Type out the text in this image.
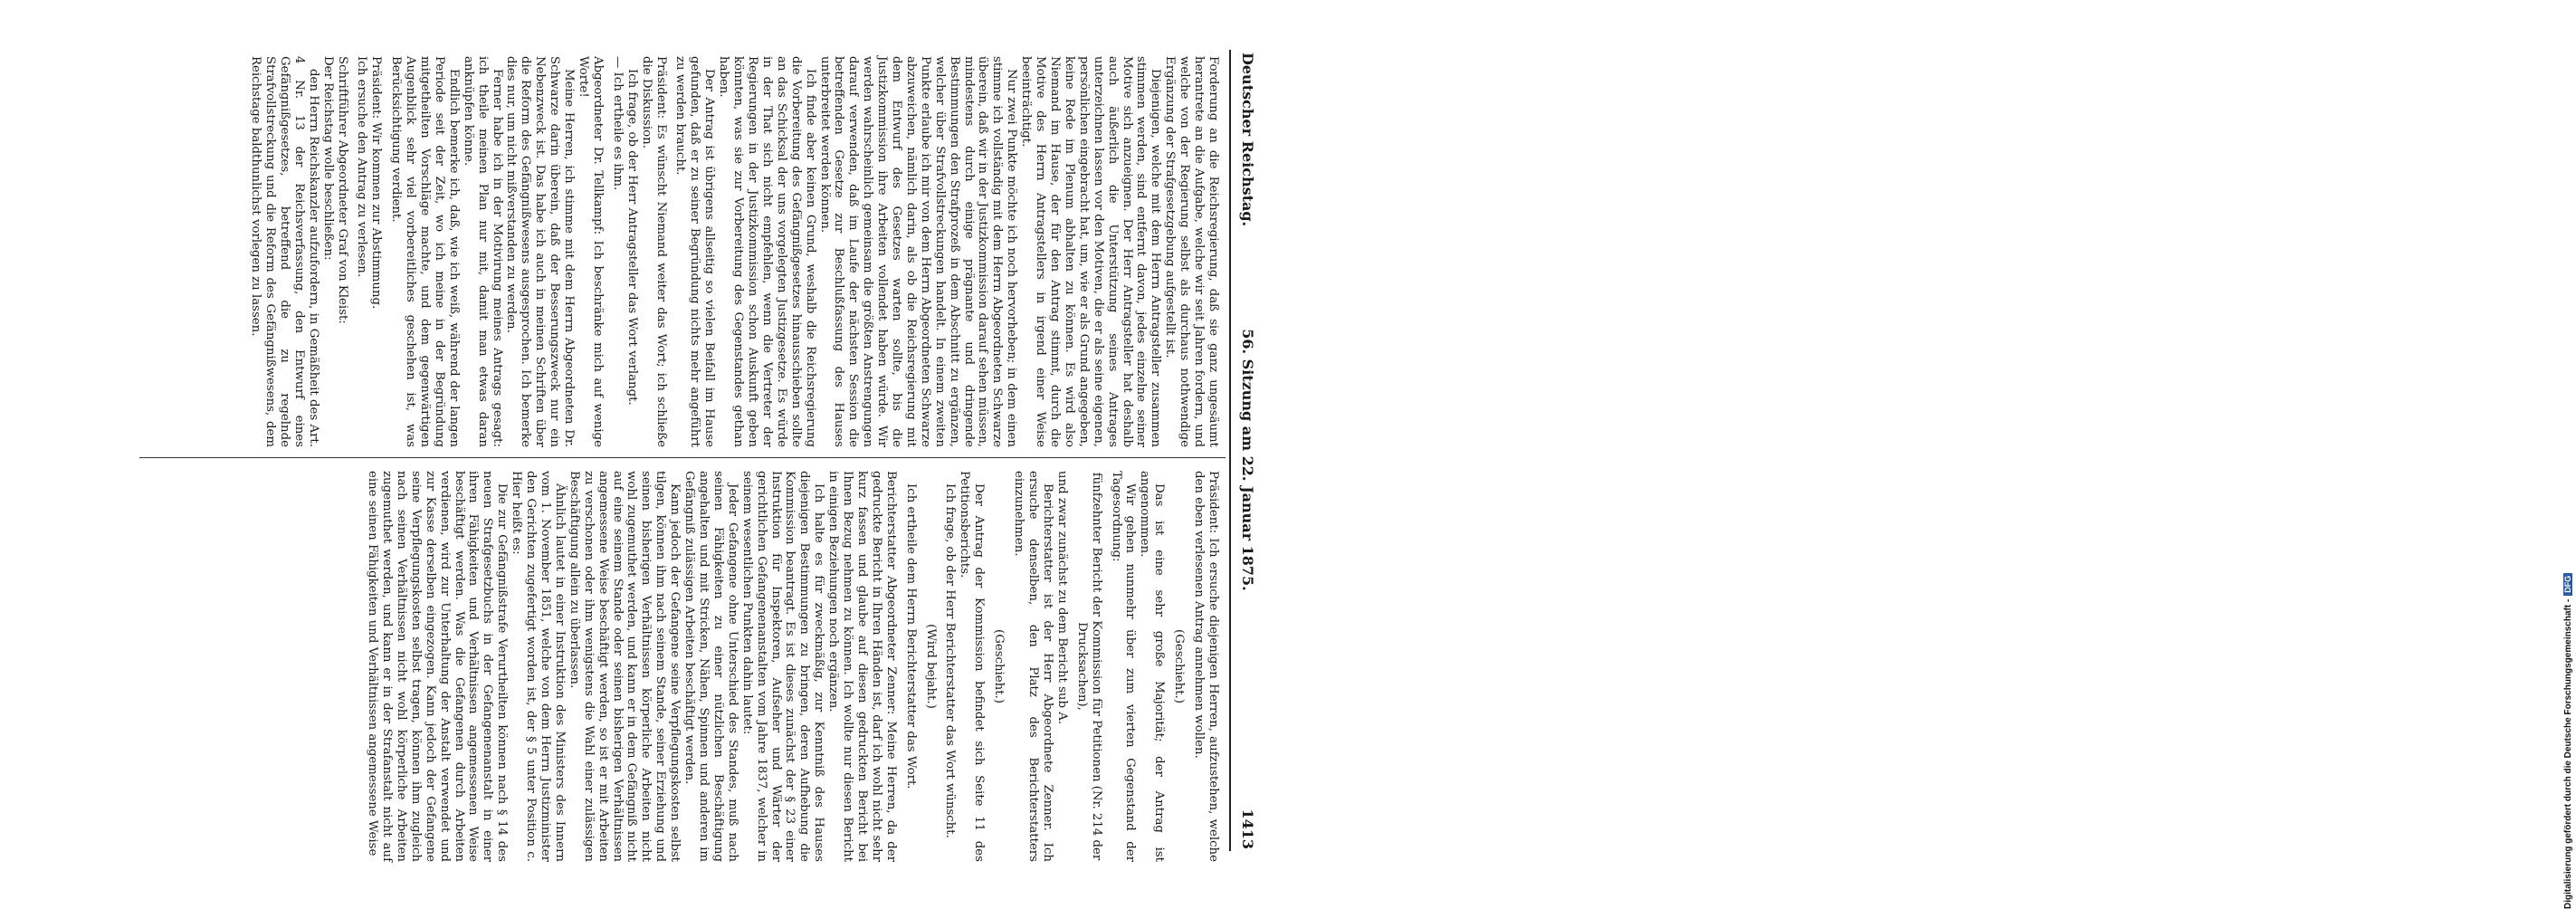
Deutscher Reichstag.
56. Sitzung am 22. Januar 1875.
1413

Forderung an die Reichsregierung, daß sie ganz ungesäumt herantrete an die Aufgabe, welche wir seit Jahren fordern, und welche von der Regierung selbst als durchaus nothwendige Ergänzung der Strafgesetzgebung aufgestellt ist.

Diejenigen, welche mit dem Herrn Antragsteller zusammen stimmen werden, sind entfernt davon, jedes einzelne seiner Motive sich anzueignen. Der Herr Antragsteller hat deshalb auch äußerlich die Unterstützung seines Antrages unterzeichnen lassen vor den Motiven, die er als seine eigenen, persönlichen eingebracht hat, um, wie er als Grund angegeben, keine Rede im Plenum abhalten zu können. Es wird also Niemand im Hause, der für den Antrag stimmt, durch die Motive des Herrn Antragstellers in irgend einer Weise beeinträchtigt.

Nur zwei Punkte möchte ich noch hervorheben; in dem einen stimme ich vollständig mit dem Herrn Abgeordneten Schwarze überein, daß wir in der Justizkommission darauf sehen müssen, mindestens durch einige prägnante und dringende Bestimmungen den Strafprozeß in dem Abschnitt zu ergänzen, welcher über Strafvollstreckungen handelt. In einem zweiten Punkte erlaube ich mir von dem Herrn Abgeordneten Schwarze abzuweichen, nämlich darin, als ob die Reichsregierung mit dem Entwurf des Gesetzes warten sollte, bis die Justizkommission ihre Arbeiten vollendet haben würde. Wir werden wahrscheinlich gemeinsam die größten Anstrengungen darauf verwenden, daß im Laufe der nächsten Session die betreffenden Gesetze zur Beschlußfassung des Hauses unterbreitet werden können.

Ich finde aber keinen Grund, weshalb die Reichsregierung die Vorbereitung des Gefängnißgesetzes hinausschieben sollte an das Schicksal der uns vorgelegten Justizgesetze. Es würde in der That sich nicht empfehlen, wenn die Vertreter der Regierungen in der Justizkommission schon Auskunft geben könnten, was sie zur Vorbereitung des Gegenstandes gethan haben.

Der Antrag ist übrigens allseitig so vielen Beifall im Hause gefunden, daß er zu seiner Begründung nichts mehr angeführt zu werden braucht.

Präsident: Es wünscht Niemand weiter das Wort; ich schließe die Diskussion.

Ich frage, ob der Herr Antragsteller das Wort verlangt.

— Ich ertheile es ihm.

Abgeordneter Dr. Tellkampf: Ich beschränke mich auf wenige Worte!

Meine Herren, ich stimme mit dem Herrn Abgeordneten Dr. Schwarze darin überein, daß der Besserungszweck nur ein Nebenzweck ist. Das habe ich auch in meinen Schriften über die Reform des Gefängnißwesens ausgesprochen. Ich bemerke dies nur, um nicht mißverstanden zu werden.

Ferner habe ich in der Motivirung meines Antrags gesagt: ich theile meinen Plan nur mit, damit man etwas daran anknüpfen könne.

Endlich bemerke ich, daß, wie ich weiß, während der langen Periode seit der Zeit, wo ich meine in der Begründung mitgetheilten Vorschläge machte, und dem gegenwärtigen Augenblick sehr viel vorbereitliches geschehen ist, was Berücksichtigung verdient.

Präsident: Wir kommen zur Abstimmung.

Ich ersuche den Antrag zu verlesen.

Schriftführer Abgeordneter Graf von Kleist:

Der Reichstag wolle beschließen:

den Herrn Reichskanzler aufzufordern, in Gemäßheit des Art. 4 Nr. 13 der Reichsverfassung, den Entwurf eines Gefängnißgesetzes, betreffend die zu regelnde Strafvollstreckung und die Reform des Gefängnißwesens, dem Reichstage baldthunlichst vorlegen zu lassen.

Präsident: Ich ersuche diejenigen Herren, aufzustehen, welche den eben verlesenen Antrag annehmen wollen.

(Geschieht.)

Das ist eine sehr große Majorität; der Antrag ist angenommen.

Wir gehen nunmehr über zum vierten Gegenstand der Tagesordnung:

fünfzehnter Bericht der Kommission für Petitionen (Nr. 214 der Drucksachen),

und zwar zunächst zu dem Bericht sub A.

Berichterstatter ist der Herr Abgeordnete Zenner. Ich ersuche denselben, den Platz des Berichterstatters einzunehmen.

(Geschieht.)

Der Antrag der Kommission befindet sich Seite 11 des Petitionsberichts.

Ich frage, ob der Herr Berichterstatter das Wort wünscht.

(Wird bejaht.)

Ich ertheile dem Herrn Berichterstatter das Wort.

Berichterstatter Abgeordneter Zenner: Meine Herren, da der gedruckte Bericht in Ihren Händen ist, darf ich wohl nicht sehr kurz fassen und glaube auf diesen gedruckten Bericht bei Ihnen Bezug nehmen zu können. Ich wollte nur diesen Bericht in einigen Beziehungen noch ergänzen.

Ich halte es für zweckmäßig, zur Kenntniß des Hauses diejenigen Bestimmungen zu bringen, deren Aufhebung die Kommission beantragt. Es ist dieses zunächst der § 23 einer Instruktion für Inspektoren, Aufseher und Wärter der gerichtlichen Gefangenenanstalten vom Jahre 1837, welcher in seinem wesentlichen Punkten dahin lautet:

Jeder Gefangene ohne Unterschied des Standes, muß nach seinen Fähigkeiten zu einer nützlichen Beschäftigung angehalten und mit Stricken, Nähen, Spinnen und anderen im Gefängniß zulässigen Arbeiten beschäftigt werden.

Kann jedoch der Gefangene seine Verpflegungskosten selbst tilgen, können ihm nach seinem Stande, seiner Erziehung und seinen bisherigen Verhältnissen körperliche Arbeiten nicht wohl zugemuthet werden, und kann er in dem Gefängniß nicht auf eine seinem Stande oder seinen bisherigen Verhältnissen angemessene Weise beschäftigt werden, so ist er mit Arbeiten zu verschonen oder ihm wenigstens die Wahl einer zulässigen Beschäftigung allein zu überlassen.

Ähnlich lautet in einer Instruktion des Ministers des Innern vom 1. November 1851, welche von dem Herrn Justizminister den Gerichten zugefertigt worden ist, der § 5 unter Position c. Hier heißt es:

Die zur Gefängnißstrafe Verurtheilten können nach § 14 des neuen Strafgesetzbuchs in der Gefangenenanstalt in einer ihren Fähigkeiten und Verhältnissen angemessenen Weise beschäftigt werden. Was die Gefangenen durch Arbeiten verdienen, wird zur Unterhaltung der Anstalt verwendet und zur Kasse derselben eingezogen. Kann jedoch der Gefangene seine Verpflegungskosten selbst tragen, können ihm zugleich nach seinen Verhältnissen nicht wohl körperliche Arbeiten zugemuthet werden, und kann er in der Strafanstalt nicht auf eine seinen Fähigkeiten und Verhältnissen angemessene Weise	Digitalisierung gefördert durch die Deutsche Forschungsgemeinschaft -DFG
